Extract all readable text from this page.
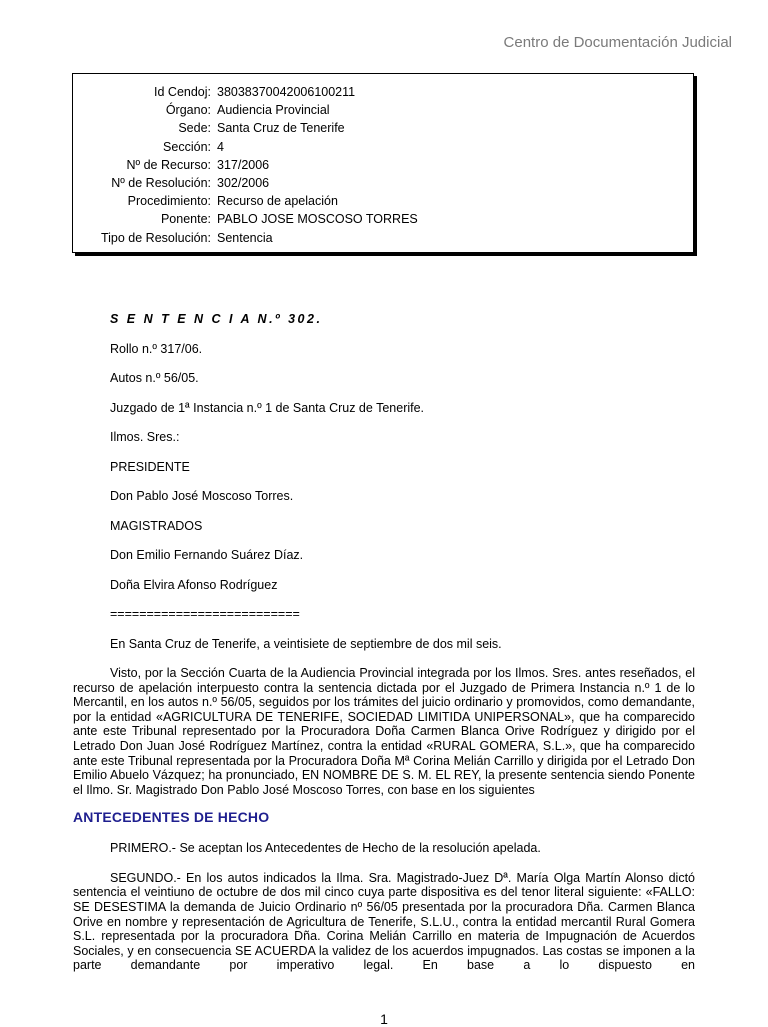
Centro de Documentación Judicial
Id Cendoj: 38038370042006100211
Órgano: Audiencia Provincial
Sede: Santa Cruz de Tenerife
Sección: 4
Nº de Recurso: 317/2006
Nº de Resolución: 302/2006
Procedimiento: Recurso de apelación
Ponente: PABLO JOSE MOSCOSO TORRES
Tipo de Resolución: Sentencia

S E N T E N C I A N.º 302.

Rollo n.º 317/06.

Autos n.º 56/05.

Juzgado de 1ª Instancia n.º 1 de Santa Cruz de Tenerife.

Ilmos. Sres.:

PRESIDENTE

Don Pablo José Moscoso Torres.

MAGISTRADOS

Don Emilio Fernando Suárez Díaz.

Doña Elvira Afonso Rodríguez

==========================

En Santa Cruz de Tenerife, a veintisiete de septiembre de dos mil seis.

Visto, por la Sección Cuarta de la Audiencia Provincial integrada por los Ilmos. Sres. antes reseñados, el recurso de apelación interpuesto contra la sentencia dictada por el Juzgado de Primera Instancia n.º 1 de lo Mercantil, en los autos n.º 56/05, seguidos por los trámites del juicio ordinario y promovidos, como demandante, por la entidad «AGRICULTURA DE TENERIFE, SOCIEDAD LIMITIDA UNIPERSONAL», que ha comparecido ante este Tribunal representado por la Procuradora Doña Carmen Blanca Orive Rodríguez y dirigido por el Letrado Don Juan José Rodríguez Martínez, contra la entidad «RURAL GOMERA, S.L.», que ha comparecido ante este Tribunal representada por la Procuradora Doña Mª Corina Melián Carrillo y dirigida por el Letrado Don Emilio Abuelo Vázquez; ha pronunciado, EN NOMBRE DE S. M. EL REY, la presente sentencia siendo Ponente el Ilmo. Sr. Magistrado Don Pablo José Moscoso Torres, con base en los siguientes

ANTECEDENTES DE HECHO

PRIMERO.- Se aceptan los Antecedentes de Hecho de la resolución apelada.

SEGUNDO.- En los autos indicados la Ilma. Sra. Magistrado-Juez Dª. María Olga Martín Alonso dictó sentencia el veintiuno de octubre de dos mil cinco cuya parte dispositiva es del tenor literal siguiente: «FALLO: SE DESESTIMA la demanda de Juicio Ordinario nº 56/05 presentada por la procuradora Dña. Carmen Blanca Orive en nombre y representación de Agricultura de Tenerife, S.L.U., contra la entidad mercantil Rural Gomera S.L. representada por la procuradora Dña. Corina Melián Carrillo en materia de Impugnación de Acuerdos Sociales, y en consecuencia SE ACUERDA la validez de los acuerdos impugnados. Las costas se imponen a la parte demandante por imperativo legal. En base a lo dispuesto en

1
